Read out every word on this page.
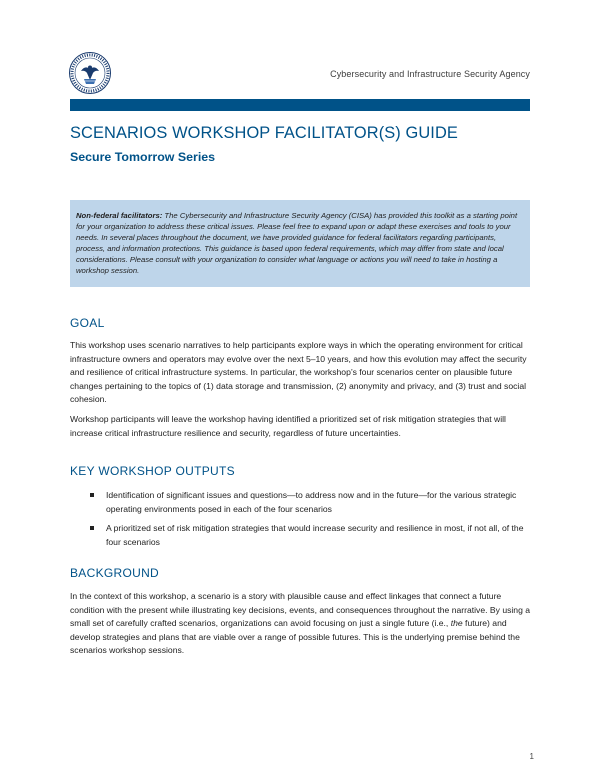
Cybersecurity and Infrastructure Security Agency
SCENARIOS WORKSHOP FACILITATOR(S) GUIDE
Secure Tomorrow Series
Non-federal facilitators: The Cybersecurity and Infrastructure Security Agency (CISA) has provided this toolkit as a starting point for your organization to address these critical issues. Please feel free to expand upon or adapt these exercises and tools to your needs. In several places throughout the document, we have provided guidance for federal facilitators regarding participants, process, and information protections. This guidance is based upon federal requirements, which may differ from state and local considerations. Please consult with your organization to consider what language or actions you will need to take in hosting a workshop session.
GOAL

This workshop uses scenario narratives to help participants explore ways in which the operating environment for critical infrastructure owners and operators may evolve over the next 5–10 years, and how this evolution may affect the security and resilience of critical infrastructure systems. In particular, the workshop’s four scenarios center on plausible future changes pertaining to the topics of (1) data storage and transmission, (2) anonymity and privacy, and (3) trust and social cohesion.

Workshop participants will leave the workshop having identified a prioritized set of risk mitigation strategies that will increase critical infrastructure resilience and security, regardless of future uncertainties.

KEY WORKSHOP OUTPUTS
Identification of significant issues and questions—to address now and in the future—for the various strategic operating environments posed in each of the four scenarios
A prioritized set of risk mitigation strategies that would increase security and resilience in most, if not all, of the four scenarios
BACKGROUND

In the context of this workshop, a scenario is a story with plausible cause and effect linkages that connect a future condition with the present while illustrating key decisions, events, and consequences throughout the narrative. By using a small set of carefully crafted scenarios, organizations can avoid focusing on just a single future (i.e., the future) and develop strategies and plans that are viable over a range of possible futures. This is the underlying premise behind the scenarios workshop sessions.

1
